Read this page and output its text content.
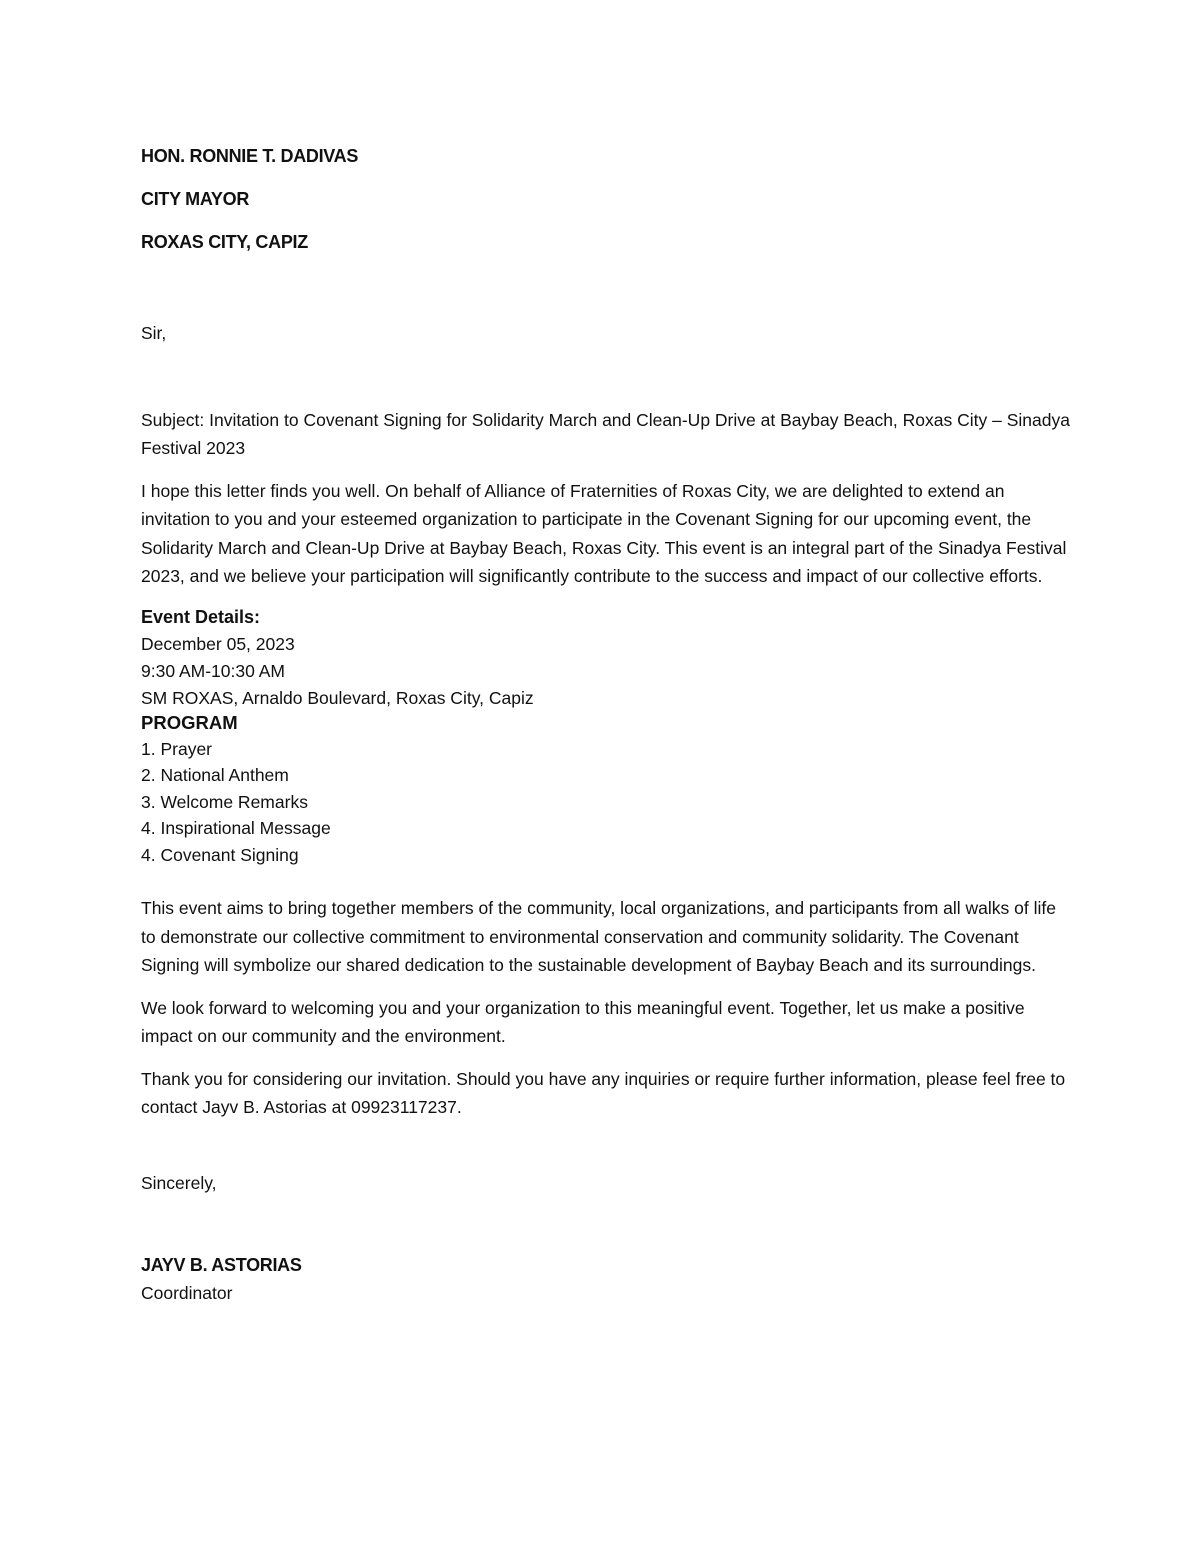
HON. RONNIE T. DADIVAS

CITY MAYOR

ROXAS CITY, CAPIZ

Sir,

Subject: Invitation to Covenant Signing for Solidarity March and Clean-Up Drive at Baybay Beach, Roxas City – Sinadya Festival 2023

I hope this letter finds you well. On behalf of Alliance of Fraternities of Roxas City, we are delighted to extend an invitation to you and your esteemed organization to participate in the Covenant Signing for our upcoming event, the Solidarity March and Clean-Up Drive at Baybay Beach, Roxas City. This event is an integral part of the Sinadya Festival 2023, and we believe your participation will significantly contribute to the success and impact of our collective efforts.

Event Details:

December 05, 2023

9:30 AM-10:30 AM

SM ROXAS, Arnaldo Boulevard, Roxas City, Capiz

PROGRAM

1. Prayer
2. National Anthem
3. Welcome Remarks
4. Inspirational Message
4. Covenant Signing

This event aims to bring together members of the community, local organizations, and participants from all walks of life to demonstrate our collective commitment to environmental conservation and community solidarity. The Covenant Signing will symbolize our shared dedication to the sustainable development of Baybay Beach and its surroundings.

We look forward to welcoming you and your organization to this meaningful event. Together, let us make a positive impact on our community and the environment.

Thank you for considering our invitation. Should you have any inquiries or require further information, please feel free to contact Jayv B. Astorias at 09923117237.

Sincerely,

JAYV B. ASTORIAS

Coordinator
